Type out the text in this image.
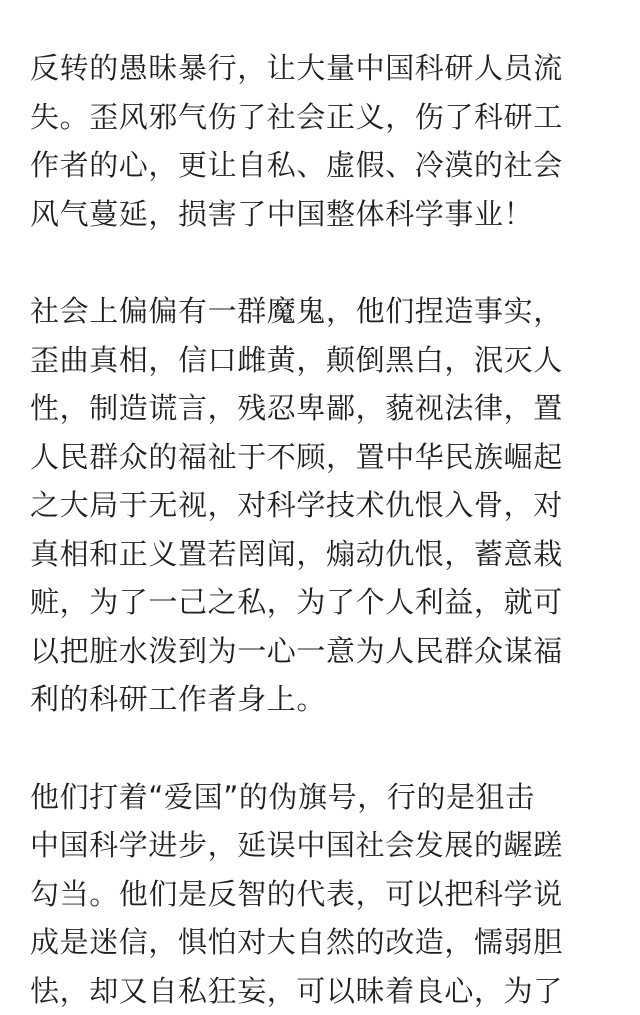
反转的愚昧暴行，让大量中国科研人员流
失。歪风邪气伤了社会正义，伤了科研工
作者的心，更让自私、虚假、冷漠的社会
风气蔓延，损害了中国整体科学事业！

社会上偏偏有一群魔鬼，他们捏造事实，
歪曲真相，信口雌黄，颠倒黑白，泯灭人
性，制造谎言，残忍卑鄙，藐视法律，置
人民群众的福祉于不顾，置中华民族崛起
之大局于无视，对科学技术仇恨入骨，对
真相和正义置若罔闻，煽动仇恨，蓄意栽
赃，为了一己之私，为了个人利益，就可
以把脏水泼到为一心一意为人民群众谋福
利的科研工作者身上。

他们打着“爱国”的伪旗号，行的是狙击
中国科学进步，延误中国社会发展的龌蹉
勾当。他们是反智的代表，可以把科学说
成是迷信，惧怕对大自然的改造，懦弱胆
怯，却又自私狂妄，可以昧着良心，为了
